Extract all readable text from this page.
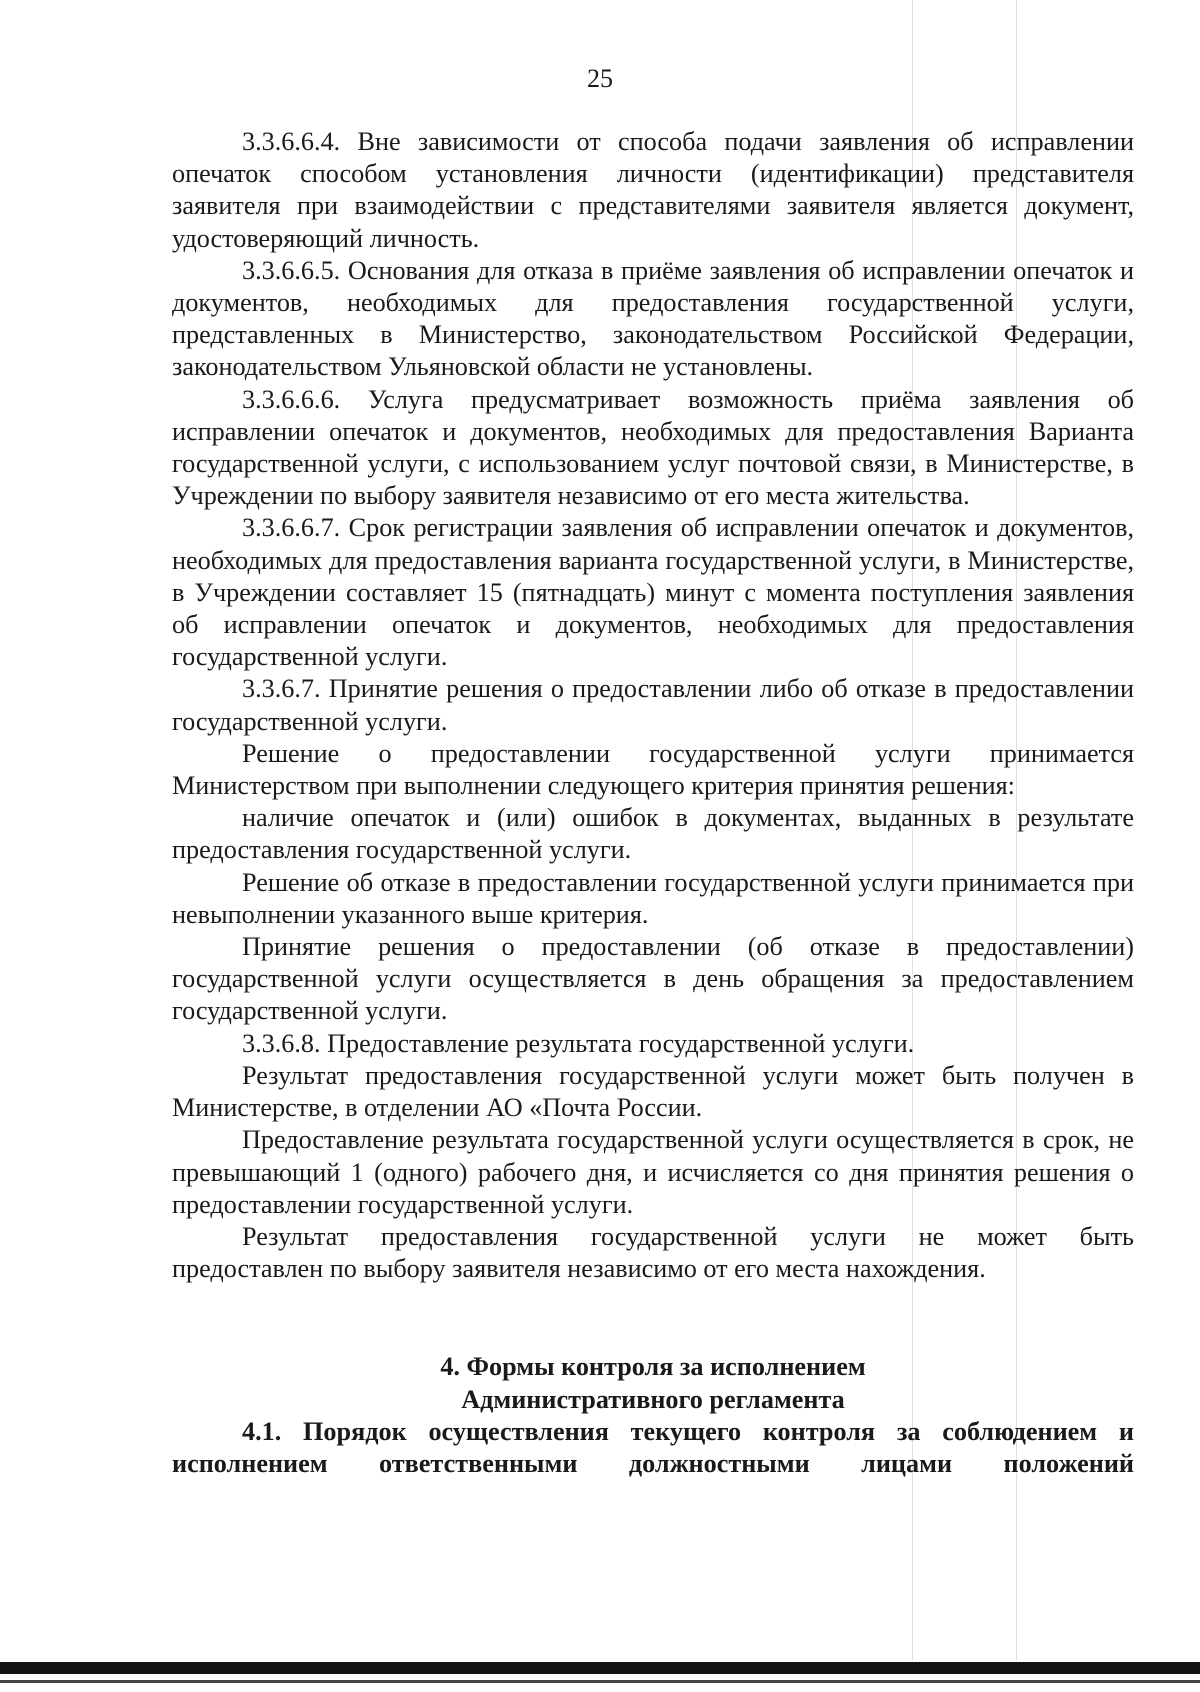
25

3.3.6.6.4. Вне зависимости от способа подачи заявления об исправлении опечаток способом установления личности (идентификации) представителя заявителя при взаимодействии с представителями заявителя является документ, удостоверяющий личность.

3.3.6.6.5. Основания для отказа в приёме заявления об исправлении опечаток и документов, необходимых для предоставления государственной услуги, представленных в Министерство, законодательством Российской Федерации, законодательством Ульяновской области не установлены.

3.3.6.6.6. Услуга предусматривает возможность приёма заявления об исправлении опечаток и документов, необходимых для предоставления Варианта государственной услуги, с использованием услуг почтовой связи, в Министерстве, в Учреждении по выбору заявителя независимо от его места жительства.

3.3.6.6.7. Срок регистрации заявления об исправлении опечаток и документов, необходимых для предоставления варианта государственной услуги, в Министерстве, в Учреждении составляет 15 (пятнадцать) минут с момента поступления заявления об исправлении опечаток и документов, необходимых для предоставления государственной услуги.

3.3.6.7. Принятие решения о предоставлении либо об отказе в предоставлении государственной услуги.

Решение о предоставлении государственной услуги принимается Министерством при выполнении следующего критерия принятия решения:

наличие опечаток и (или) ошибок в документах, выданных в результате предоставления государственной услуги.

Решение об отказе в предоставлении государственной услуги принимается при невыполнении указанного выше критерия.

Принятие решения о предоставлении (об отказе в предоставлении) государственной услуги осуществляется в день обращения за предоставлением государственной услуги.

3.3.6.8. Предоставление результата государственной услуги.

Результат предоставления государственной услуги может быть получен в Министерстве, в отделении АО «Почта России.

Предоставление результата государственной услуги осуществляется в срок, не превышающий 1 (одного) рабочего дня, и исчисляется со дня принятия решения о предоставлении государственной услуги.

Результат предоставления государственной услуги не может быть предоставлен по выбору заявителя независимо от его места нахождения.

4. Формы контроля за исполнением
Административного регламента

4.1. Порядок осуществления текущего контроля за соблюдением и исполнением ответственными должностными лицами положений
